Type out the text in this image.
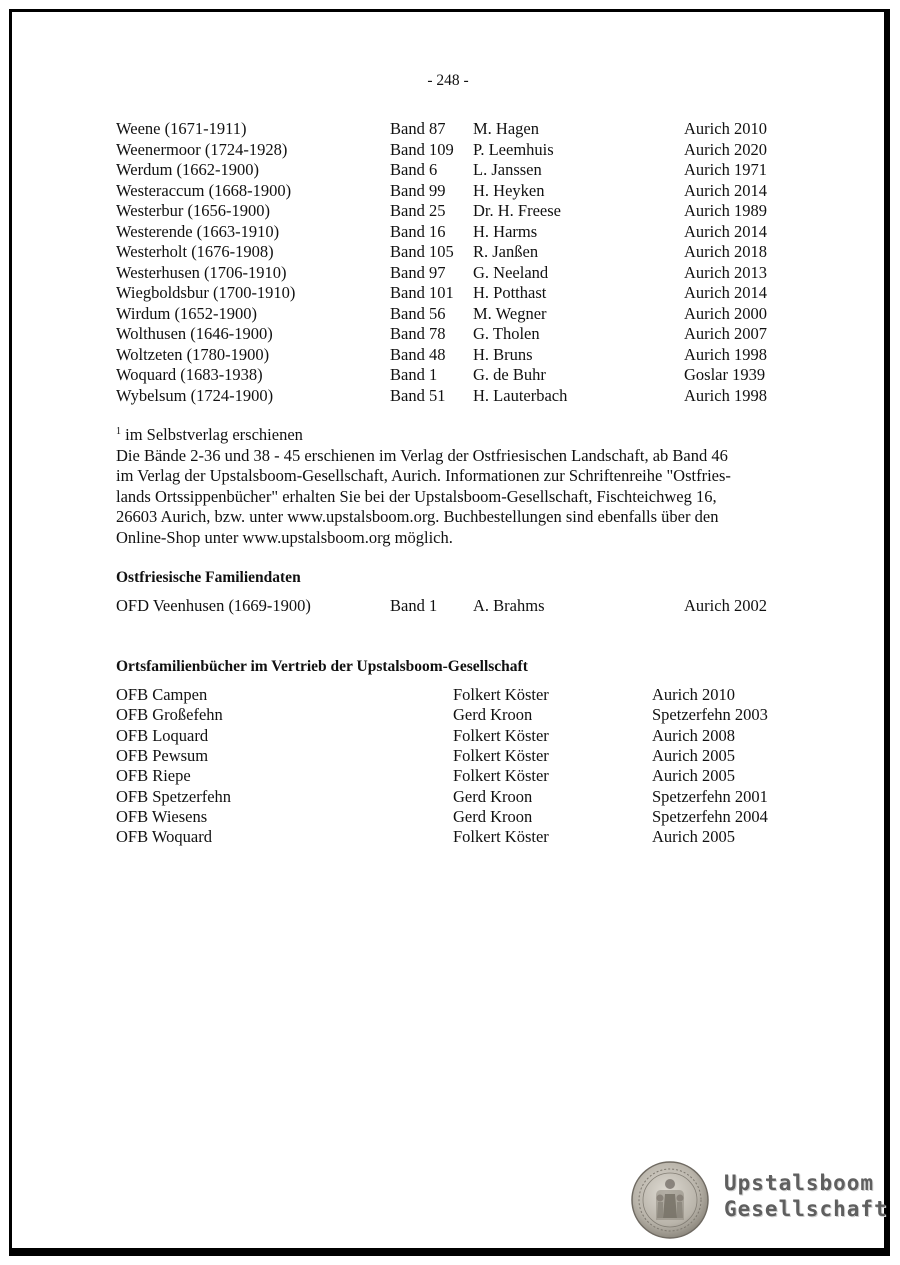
- 248 -
Weene (1671-1911)	Band 87 M. Hagen	Aurich 2010
Weenermoor (1724-1928)	Band 109 P. Leemhuis	Aurich 2020
Werdum (1662-1900)	Band 6 L. Janssen	Aurich 1971
Westeraccum (1668-1900)	Band 99 H. Heyken	Aurich 2014
Westerbur (1656-1900)	Band 25 Dr. H. Freese	Aurich 1989
Westerende (1663-1910)	Band 16 H. Harms	Aurich 2014
Westerholt (1676-1908)	Band 105 R. Janßen	Aurich 2018
Westerhusen (1706-1910)	Band 97 G. Neeland	Aurich 2013
Wiegboldsbur (1700-1910)	Band 101 H. Potthast	Aurich 2014
Wirdum (1652-1900)	Band 56 M. Wegner	Aurich 2000
Wolthusen (1646-1900)	Band 78 G. Tholen	Aurich 2007
Woltzeten (1780-1900)	Band 48 H. Bruns	Aurich 1998
Woquard (1683-1938)	Band 1 G. de Buhr	Goslar 1939
Wybelsum (1724-1900)	Band 51 H. Lauterbach	Aurich 1998
$^1$ im Selbstverlag erschienen
Die Bände 2-36 und 38 - 45 erschienen im Verlag der Ostfriesischen Landschaft, ab Band 46
im Verlag der Upstalsboom-Gesellschaft, Aurich. Informationen zur Schriftenreihe "Ostfries-
lands Ortssippenbücher" erhalten Sie bei der Upstalsboom-Gesellschaft, Fischteichweg 16,
26603 Aurich, bzw. unter www.upstalsboom.org. Buchbestellungen sind ebenfalls über den
Online-Shop unter www.upstalsboom.org möglich.
Ostfriesische Familiendaten
OFD Veenhusen (1669-1900)	Band 1 A. Brahms	Aurich 2002
Ortsfamilienbücher im Vertrieb der Upstalsboom-Gesellschaft
OFB Campen	Folkert Köster	Aurich 2010
OFB Großefehn	Gerd Kroon	Spetzerfehn 2003
OFB Loquard	Folkert Köster	Aurich 2008
OFB Pewsum	Folkert Köster	Aurich 2005
OFB Riepe	Folkert Köster	Aurich 2005
OFB Spetzerfehn	Gerd Kroon	Spetzerfehn 2001
OFB Wiesens	Gerd Kroon	Spetzerfehn 2004
OFB Woquard	Folkert Köster	Aurich 2005
Upstalsboom
Gesellschaft
